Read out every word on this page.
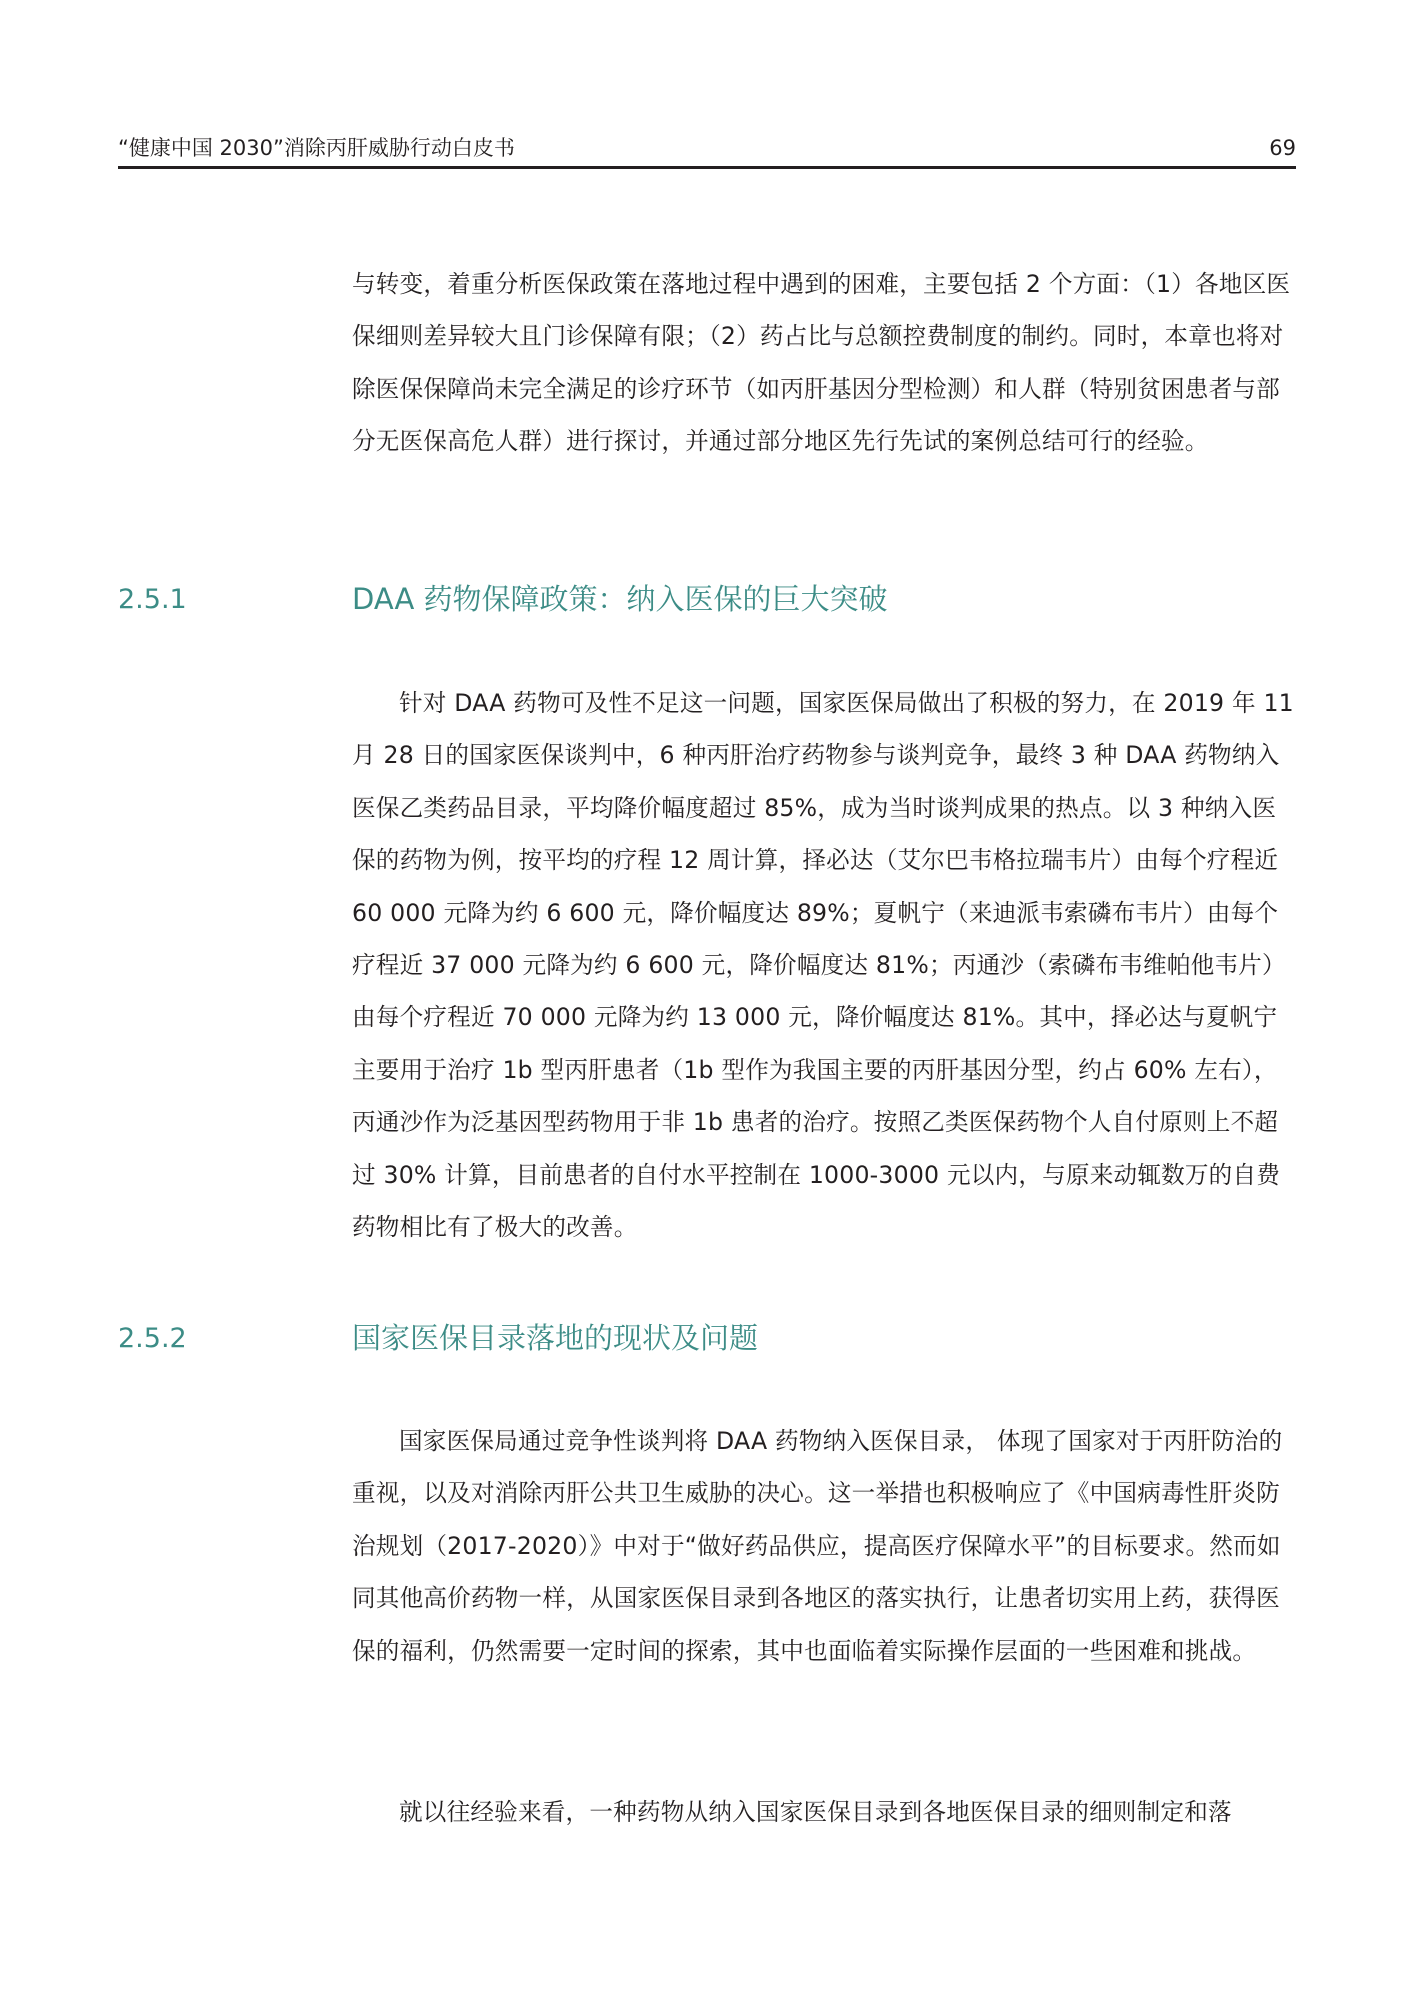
“健康中国 2030”消除丙肝威胁行动白皮书	69

与转变，着重分析医保政策在落地过程中遇到的困难，主要包括 2 个方面：（1）各地区医保细则差异较大且门诊保障有限；（2）药占比与总额控费制度的制约。同时，本章也将对除医保保障尚未完全满足的诊疗环节（如丙肝基因分型检测）和人群（特别贫困患者与部分无医保高危人群）进行探讨，并通过部分地区先行先试的案例总结可行的经验。

2.5.1	DAA 药物保障政策：纳入医保的巨大突破

针对 DAA 药物可及性不足这一问题，国家医保局做出了积极的努力，在 2019 年 11 月 28 日的国家医保谈判中，6 种丙肝治疗药物参与谈判竞争，最终 3 种 DAA 药物纳入医保乙类药品目录，平均降价幅度超过 85%，成为当时谈判成果的热点。以 3 种纳入医保的药物为例，按平均的疗程 12 周计算，择必达（艾尔巴韦格拉瑞韦片）由每个疗程近 60 000 元降为约 6 600 元，降价幅度达 89%；夏帆宁（来迪派韦索磷布韦片）由每个疗程近 37 000 元降为约 6 600 元，降价幅度达 81%；丙通沙（索磷布韦维帕他韦片）由每个疗程近 70 000 元降为约 13 000 元，降价幅度达 81%。其中，择必达与夏帆宁主要用于治疗 1b 型丙肝患者（1b 型作为我国主要的丙肝基因分型，约占 60% 左右），丙通沙作为泛基因型药物用于非 1b 患者的治疗。按照乙类医保药物个人自付原则上不超过 30% 计算，目前患者的自付水平控制在 1000-3000 元以内，与原来动辄数万的自费药物相比有了极大的改善。

2.5.2	国家医保目录落地的现状及问题

国家医保局通过竞争性谈判将 DAA 药物纳入医保目录， 体现了国家对于丙肝防治的重视，以及对消除丙肝公共卫生威胁的决心。这一举措也积极响应了《中国病毒性肝炎防治规划（2017-2020）》中对于“做好药品供应，提高医疗保障水平”的目标要求。然而如同其他高价药物一样，从国家医保目录到各地区的落实执行，让患者切实用上药，获得医保的福利，仍然需要一定时间的探索，其中也面临着实际操作层面的一些困难和挑战。

就以往经验来看，一种药物从纳入国家医保目录到各地医保目录的细则制定和落
